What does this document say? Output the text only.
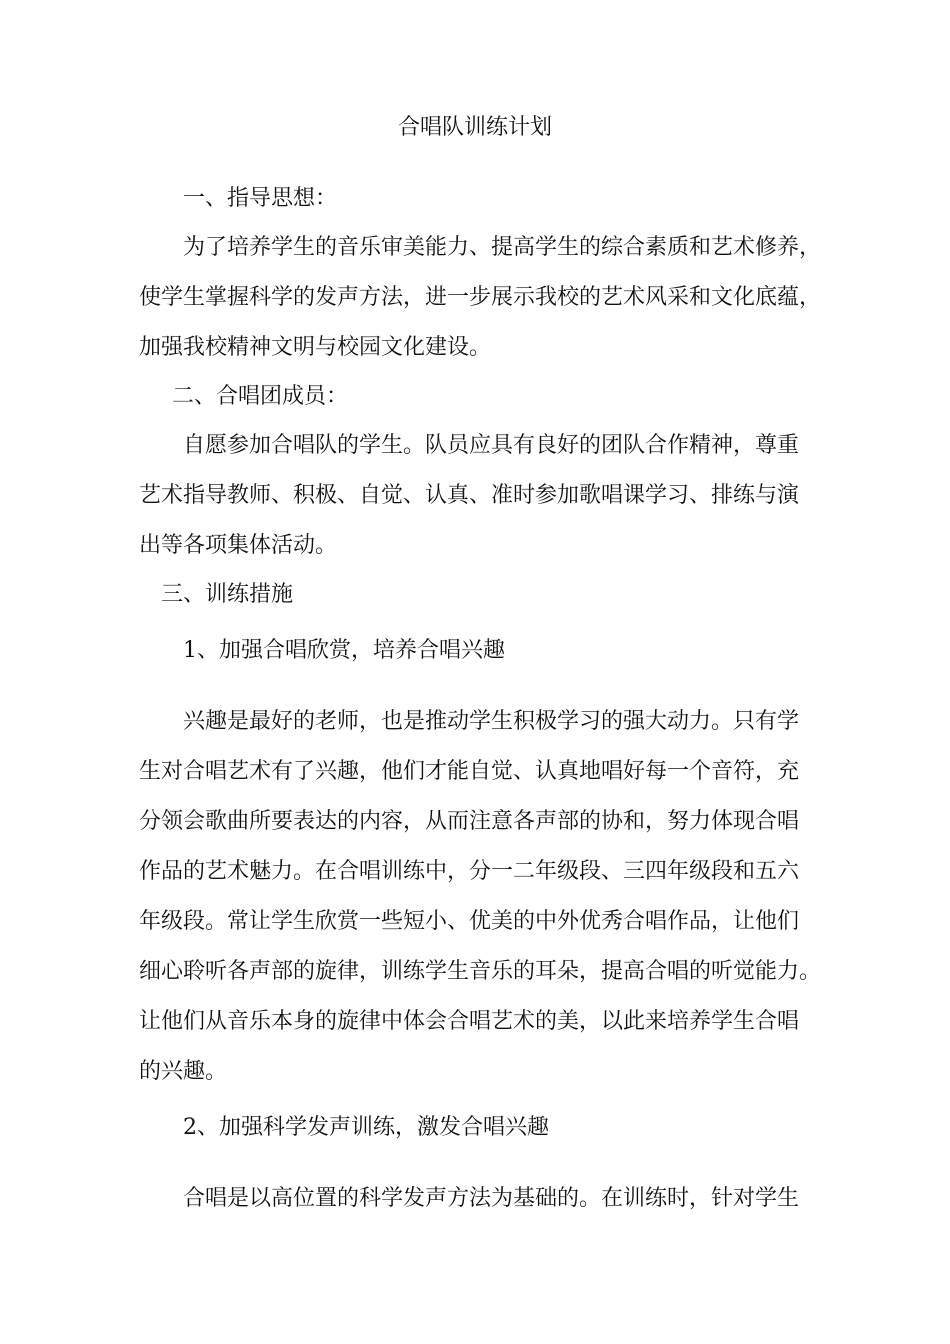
合唱队训练计划
一、指导思想：
为了培养学生的音乐审美能力、提高学生的综合素质和艺术修养，
使学生掌握科学的发声方法，进一步展示我校的艺术风采和文化底蕴，
加强我校精神文明与校园文化建设。
二、合唱团成员：
自愿参加合唱队的学生。队员应具有良好的团队合作精神，尊重
艺术指导教师、积极、自觉、认真、准时参加歌唱课学习、排练与演
出等各项集体活动。
三、训练措施
1、加强合唱欣赏，培养合唱兴趣
兴趣是最好的老师，也是推动学生积极学习的强大动力。只有学
生对合唱艺术有了兴趣，他们才能自觉、认真地唱好每一个音符，充
分领会歌曲所要表达的内容，从而注意各声部的协和，努力体现合唱
作品的艺术魅力。在合唱训练中，分一二年级段、三四年级段和五六
年级段。常让学生欣赏一些短小、优美的中外优秀合唱作品，让他们
细心聆听各声部的旋律，训练学生音乐的耳朵，提高合唱的听觉能力。
让他们从音乐本身的旋律中体会合唱艺术的美，以此来培养学生合唱
的兴趣。
2、加强科学发声训练，激发合唱兴趣
合唱是以高位置的科学发声方法为基础的。在训练时，针对学生
